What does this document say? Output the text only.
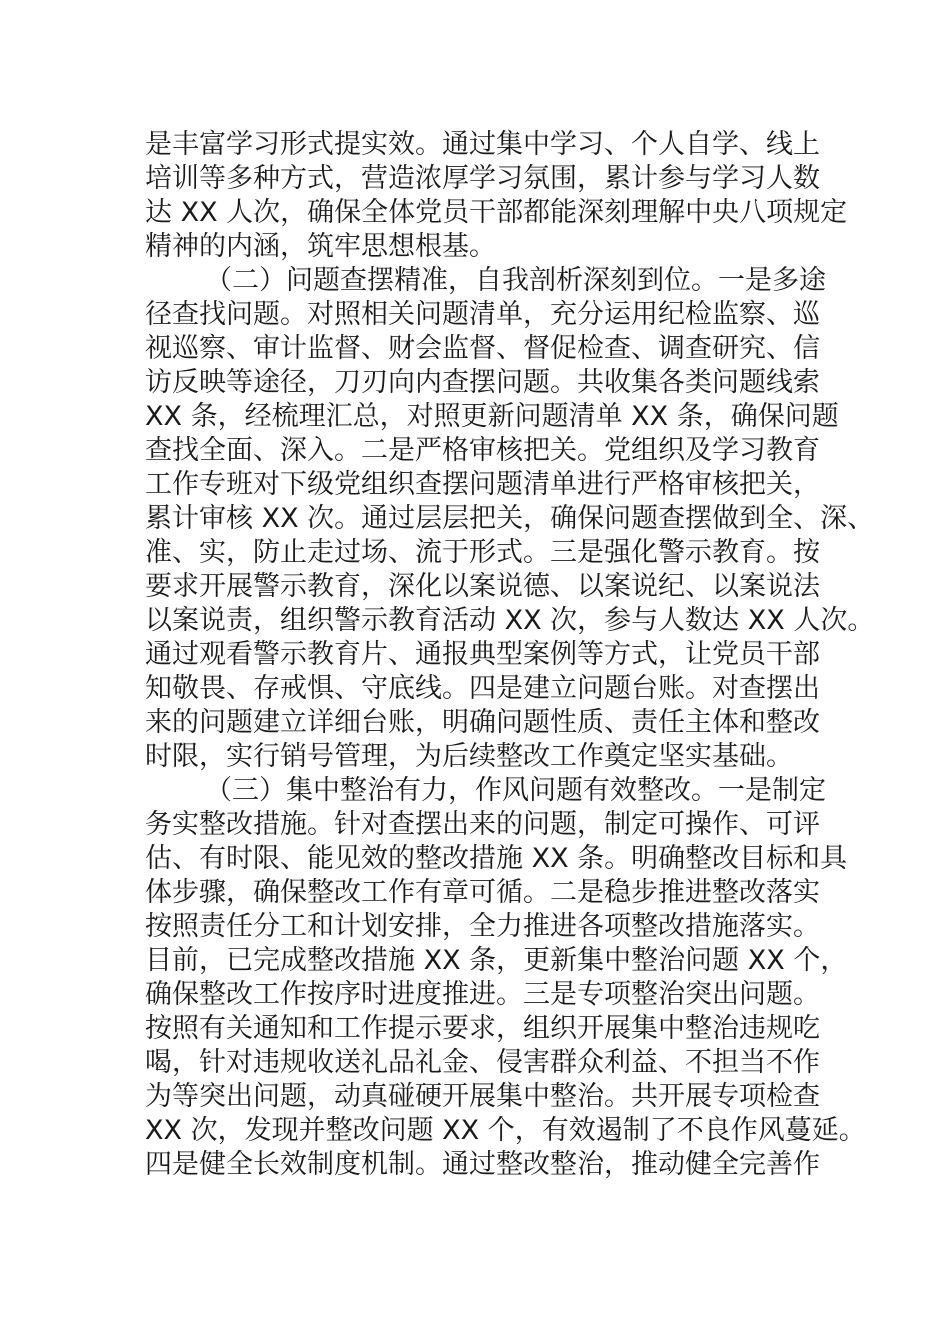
是丰富学习形式提实效。通过集中学习、个人自学、线上
培训等多种方式，营造浓厚学习氛围，累计参与学习人数
达 XX 人次，确保全体党员干部都能深刻理解中央八项规定
精神的内涵，筑牢思想根基。
（二）问题查摆精准，自我剖析深刻到位。一是多途
径查找问题。对照相关问题清单，充分运用纪检监察、巡
视巡察、审计监督、财会监督、督促检查、调查研究、信
访反映等途径，刀刃向内查摆问题。共收集各类问题线索
XX 条，经梳理汇总，对照更新问题清单 XX 条，确保问题
查找全面、深入。二是严格审核把关。党组织及学习教育
工作专班对下级党组织查摆问题清单进行严格审核把关，
累计审核 XX 次。通过层层把关，确保问题查摆做到全、深、
准、实，防止走过场、流于形式。三是强化警示教育。按
要求开展警示教育，深化以案说德、以案说纪、以案说法
以案说责，组织警示教育活动 XX 次，参与人数达 XX 人次。
通过观看警示教育片、通报典型案例等方式，让党员干部
知敬畏、存戒惧、守底线。四是建立问题台账。对查摆出
来的问题建立详细台账，明确问题性质、责任主体和整改
时限，实行销号管理，为后续整改工作奠定坚实基础。
（三）集中整治有力，作风问题有效整改。一是制定
务实整改措施。针对查摆出来的问题，制定可操作、可评
估、有时限、能见效的整改措施 XX 条。明确整改目标和具
体步骤，确保整改工作有章可循。二是稳步推进整改落实
按照责任分工和计划安排，全力推进各项整改措施落实。
目前，已完成整改措施 XX 条，更新集中整治问题 XX 个，
确保整改工作按序时进度推进。三是专项整治突出问题。
按照有关通知和工作提示要求，组织开展集中整治违规吃
喝，针对违规收送礼品礼金、侵害群众利益、不担当不作
为等突出问题，动真碰硬开展集中整治。共开展专项检查
XX 次，发现并整改问题 XX 个，有效遏制了不良作风蔓延。
四是健全长效制度机制。通过整改整治，推动健全完善作
